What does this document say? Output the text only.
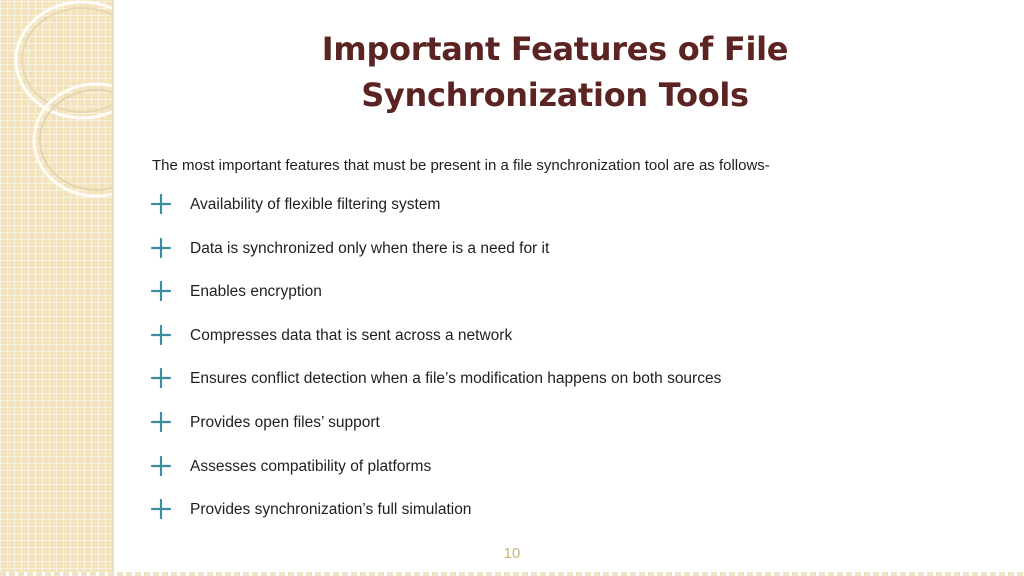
Important Features of File
Synchronization Tools

The most important features that must be present in a file synchronization tool are as follows-

Availability of flexible filtering system
Data is synchronized only when there is a need for it
Enables encryption
Compresses data that is sent across a network
Ensures conflict detection when a file’s modification happens on both sources
Provides open files’ support
Assesses compatibility of platforms
Provides synchronization’s full simulation
10
